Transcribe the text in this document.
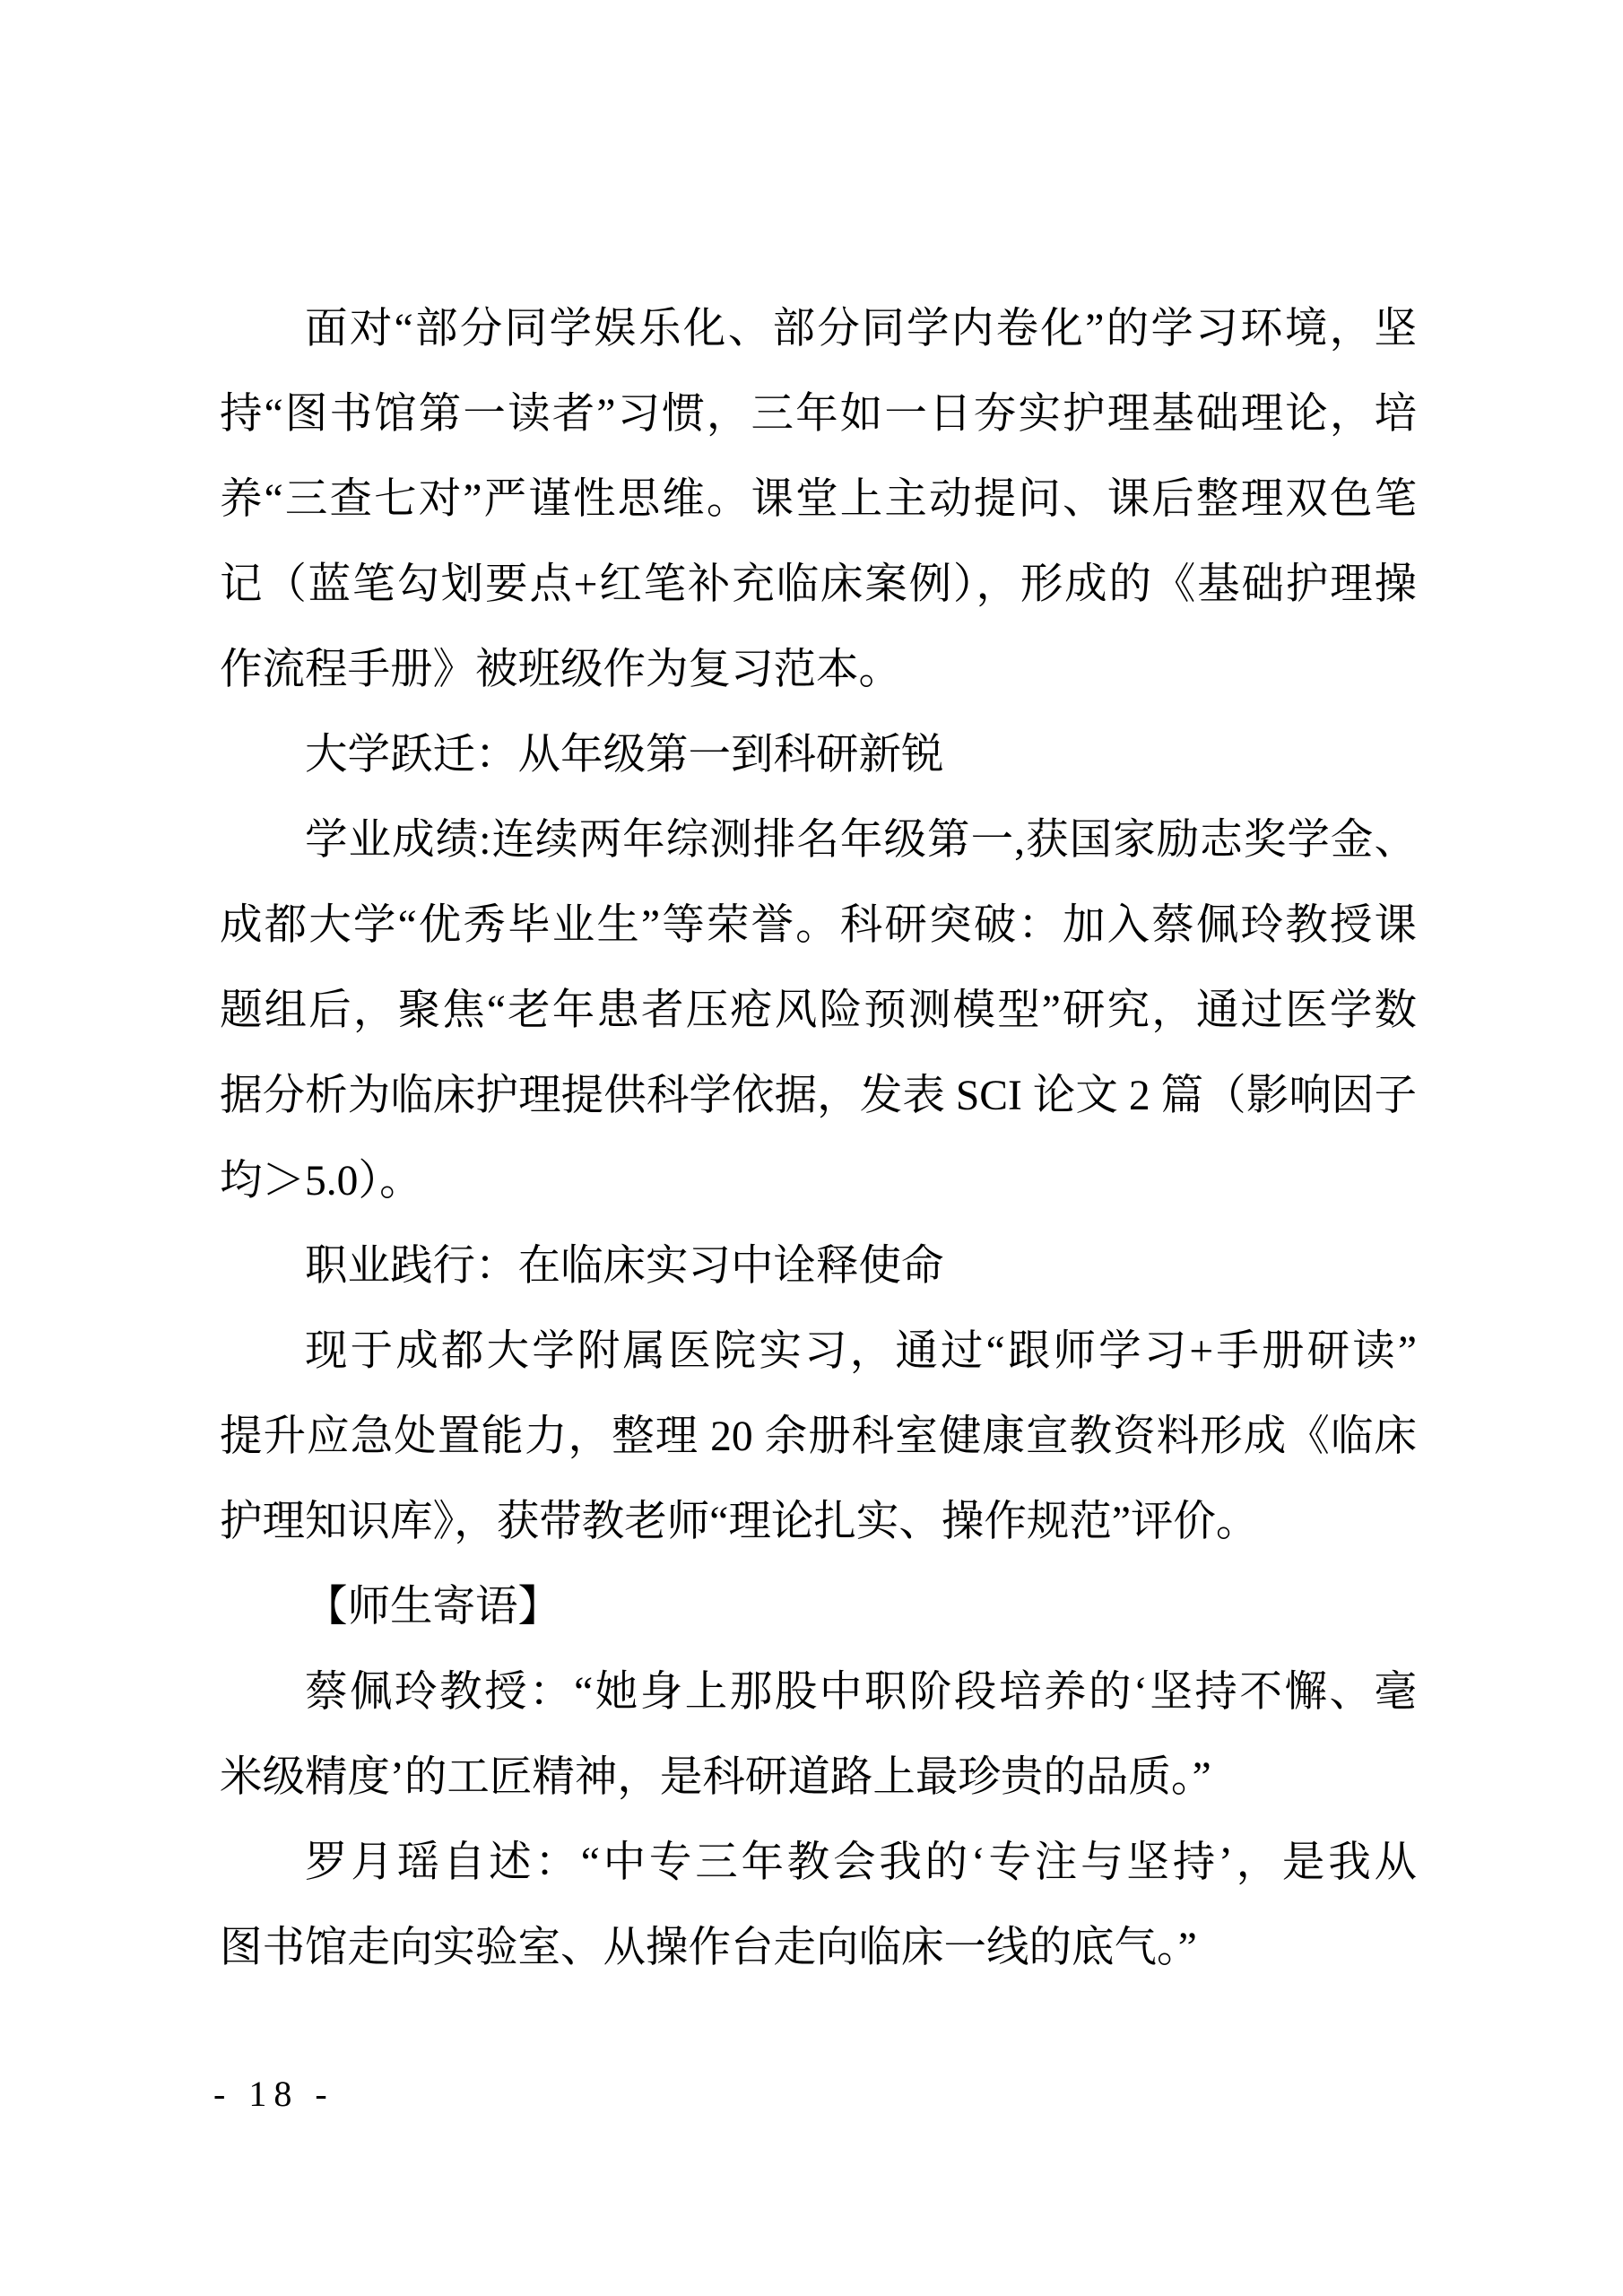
面对“部分同学娱乐化、部分同学内卷化”的学习环境，坚
持“图书馆第一读者”习惯，三年如一日夯实护理基础理论，培
养“三查七对”严谨性思维。课堂上主动提问、课后整理双色笔
记（蓝笔勾划要点+红笔补充临床案例），形成的《基础护理操
作流程手册》被班级作为复习范本。
大学跃迁：从年级第一到科研新锐
学业成绩:连续两年综测排名年级第一,获国家励志奖学金、
成都大学“优秀毕业生”等荣誉。科研突破：加入蔡佩玲教授课
题组后，聚焦“老年患者压疮风险预测模型”研究，通过医学数
据分析为临床护理提供科学依据，发表 SCI 论文 2 篇（影响因子
均＞5.0）。
职业践行：在临床实习中诠释使命
现于成都大学附属医院实习，通过“跟师学习+手册研读”
提升应急处置能力，整理 20 余册科室健康宣教资料形成《临床
护理知识库》，获带教老师“理论扎实、操作规范”评价。
【师生寄语】
蔡佩玲教授：“她身上那股中职阶段培养的‘坚持不懈、毫
米级精度’的工匠精神，是科研道路上最珍贵的品质。”
罗月瑶自述：“中专三年教会我的‘专注与坚持’，是我从
图书馆走向实验室、从操作台走向临床一线的底气。”
- 18 -
